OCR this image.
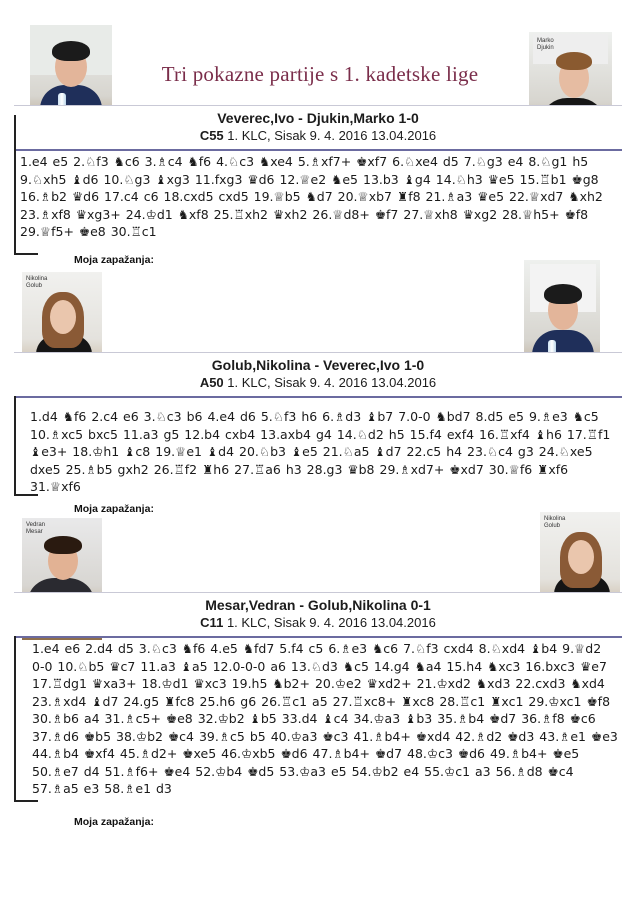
Tri pokazne partije s 1. kadetske lige
Marko
Djukin
Veverec,Ivo - Djukin,Marko 1-0
C55 1. KLC, Sisak 9. 4. 2016 13.04.2016
1.e4 e5 2.♘f3 ♞c6 3.♗c4 ♞f6 4.♘c3 ♞xe4 5.♗xf7+ ♚xf7 6.♘xe4 d5 7.♘g3 e4 8.♘g1 h5 9.♘xh5 ♝d6 10.♘g3 ♝xg3 11.fxg3 ♛d6 12.♕e2 ♞e5 13.b3 ♝g4 14.♘h3 ♛e5 15.♖b1 ♚g8 16.♗b2 ♛d6 17.c4 c6 18.cxd5 cxd5 19.♕b5 ♞d7 20.♕xb7 ♜f8 21.♗a3 ♛e5 22.♕xd7 ♞xh2 23.♗xf8 ♛xg3+ 24.♔d1 ♞xf8 25.♖xh2 ♛xh2 26.♕d8+ ♚f7 27.♕xh8 ♛xg2 28.♕h5+ ♚f8 29.♕f5+ ♚e8 30.♖c1
Moja zapažanja:
Nikolina
Golub
Golub,Nikolina - Veverec,Ivo 1-0
A50 1. KLC, Sisak 9. 4. 2016 13.04.2016
1.d4 ♞f6 2.c4 e6 3.♘c3 b6 4.e4 d6 5.♘f3 h6 6.♗d3 ♝b7 7.0-0 ♞bd7 8.d5 e5 9.♗e3 ♞c5 10.♗xc5 bxc5 11.a3 g5 12.b4 cxb4 13.axb4 g4 14.♘d2 h5 15.f4 exf4 16.♖xf4 ♝h6 17.♖f1 ♝e3+ 18.♔h1 ♝c8 19.♕e1 ♝d4 20.♘b3 ♝e5 21.♘a5 ♝d7 22.c5 h4 23.♘c4 g3 24.♘xe5 dxe5 25.♗b5 gxh2 26.♖f2 ♜h6 27.♖a6 h3 28.g3 ♛b8 29.♗xd7+ ♚xd7 30.♕f6 ♜xf6 31.♕xf6
Moja zapažanja:
Vedran
Mesar
Nikolina
Golub
Mesar,Vedran - Golub,Nikolina 0-1
C11 1. KLC, Sisak 9. 4. 2016 13.04.2016
1.e4 e6 2.d4 d5 3.♘c3 ♞f6 4.e5 ♞fd7 5.f4 c5 6.♗e3 ♞c6 7.♘f3 cxd4 8.♘xd4 ♝b4 9.♕d2 0-0 10.♘b5 ♛c7 11.a3 ♝a5 12.0-0-0 a6 13.♘d3 ♞c5 14.g4 ♞a4 15.h4 ♞xc3 16.bxc3 ♛e7 17.♖dg1 ♛xa3+ 18.♔d1 ♛xc3 19.h5 ♞b2+ 20.♔e2 ♛xd2+ 21.♔xd2 ♞xd3 22.cxd3 ♞xd4 23.♗xd4 ♝d7 24.g5 ♜fc8 25.h6 g6 26.♖c1 a5 27.♖xc8+ ♜xc8 28.♖c1 ♜xc1 29.♔xc1 ♚f8 30.♗b6 a4 31.♗c5+ ♚e8 32.♔b2 ♝b5 33.d4 ♝c4 34.♔a3 ♝b3 35.♗b4 ♚d7 36.♗f8 ♚c6 37.♗d6 ♚b5 38.♔b2 ♚c4 39.♗c5 b5 40.♔a3 ♚c3 41.♗b4+ ♚xd4 42.♗d2 ♚d3 43.♗e1 ♚e3 44.♗b4 ♚xf4 45.♗d2+ ♚xe5 46.♔xb5 ♚d6 47.♗b4+ ♚d7 48.♔c3 ♚d6 49.♗b4+ ♚e5 50.♗e7 d4 51.♗f6+ ♚e4 52.♔b4 ♚d5 53.♔a3 e5 54.♔b2 e4 55.♔c1 a3 56.♗d8 ♚c4 57.♗a5 e3 58.♗e1 d3
Moja zapažanja:
